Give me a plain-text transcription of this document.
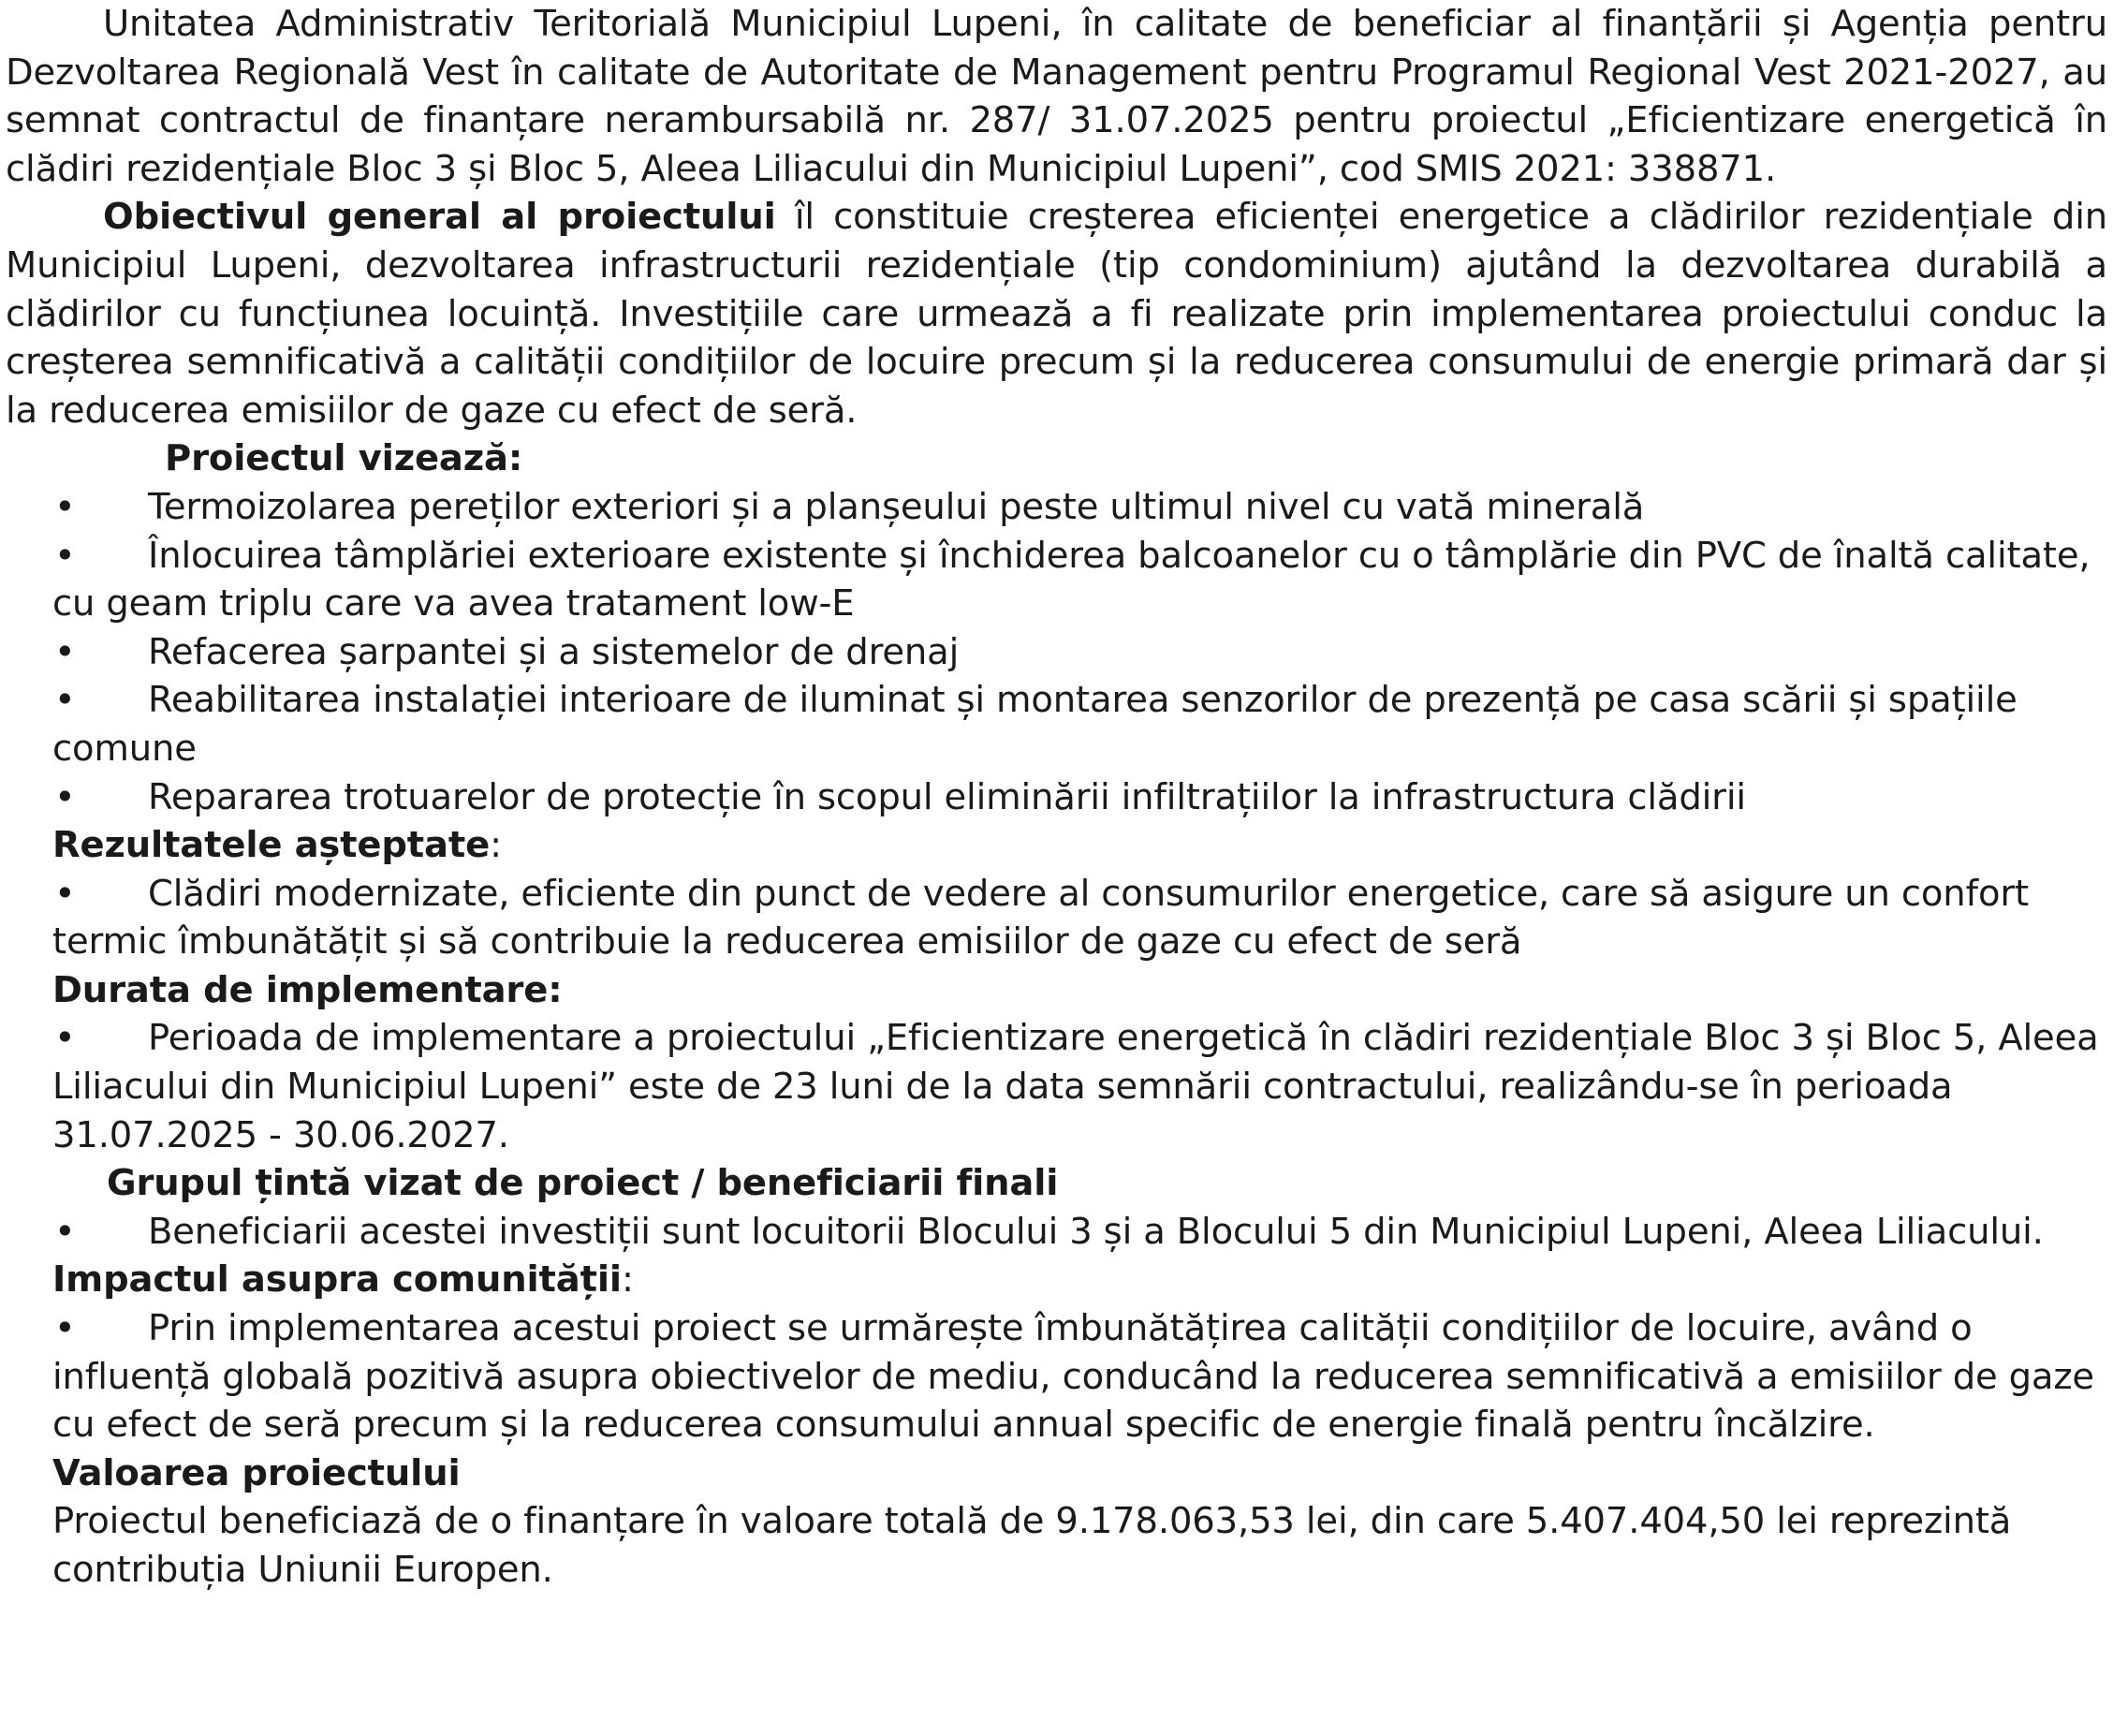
Unitatea Administrativ Teritorială Municipiul Lupeni, în calitate de beneficiar al finanțării și Agenția pentru Dezvoltarea Regională Vest în calitate de Autoritate de Management pentru Programul Regional Vest 2021-2027, au semnat contractul de finanțare nerambursabilă nr. 287/ 31.07.2025 pentru proiectul „Eficientizare energetică în clădiri rezidențiale Bloc 3 și Bloc 5, Aleea Liliacului din Municipiul Lupeni”, cod SMIS 2021: 338871.

Obiectivul general al proiectului îl constituie creșterea eficienței energetice a clădirilor rezidențiale din Municipiul Lupeni, dezvoltarea infrastructurii rezidențiale (tip condominium) ajutând la dezvoltarea durabilă a clădirilor cu funcțiunea locuință. Investițiile care urmează a fi realizate prin implementarea proiectului conduc la creșterea semnificativă a calității condițiilor de locuire precum și la reducerea consumului de energie primară dar și la reducerea emisiilor de gaze cu efect de seră.

Proiectul vizează:

•	Termoizolarea pereților exteriori și a planșeului peste ultimul nivel cu vată minerală

•	Înlocuirea tâmplăriei exterioare existente și închiderea balcoanelor cu o tâmplărie din PVC de înaltă calitate, cu geam triplu care va avea tratament low-E

•	Refacerea șarpantei și a sistemelor de drenaj

•	Reabilitarea instalației interioare de iluminat și montarea senzorilor de prezență pe casa scării și spațiile comune

•	Repararea trotuarelor de protecție în scopul eliminării infiltrațiilor la infrastructura clădirii

Rezultatele așteptate:

•	Clădiri modernizate, eficiente din punct de vedere al consumurilor energetice, care să asigure un confort termic îmbunătățit și să contribuie la reducerea emisiilor de gaze cu efect de seră

Durata de implementare:

•	Perioada de implementare a proiectului „Eficientizare energetică în clădiri rezidențiale Bloc 3 și Bloc 5, Aleea Liliacului din Municipiul Lupeni” este de 23 luni de la data semnării contractului, realizându-se în perioada 31.07.2025 - 30.06.2027.

Grupul țintă vizat de proiect / beneficiarii finali

•	Beneficiarii acestei investiții sunt locuitorii Blocului 3 și a Blocului 5 din Municipiul Lupeni, Aleea Liliacului.

Impactul asupra comunității:

•	Prin implementarea acestui proiect se urmărește îmbunătățirea calității condițiilor de locuire, având o influență globală pozitivă asupra obiectivelor de mediu, conducând la reducerea semnificativă a emisiilor de gaze cu efect de seră precum și la reducerea consumului annual specific de energie finală pentru încălzire.

Valoarea proiectului

Proiectul beneficiază de o finanțare în valoare totală de 9.178.063,53 lei, din care 5.407.404,50 lei reprezintă contribuția Uniunii Europen.
